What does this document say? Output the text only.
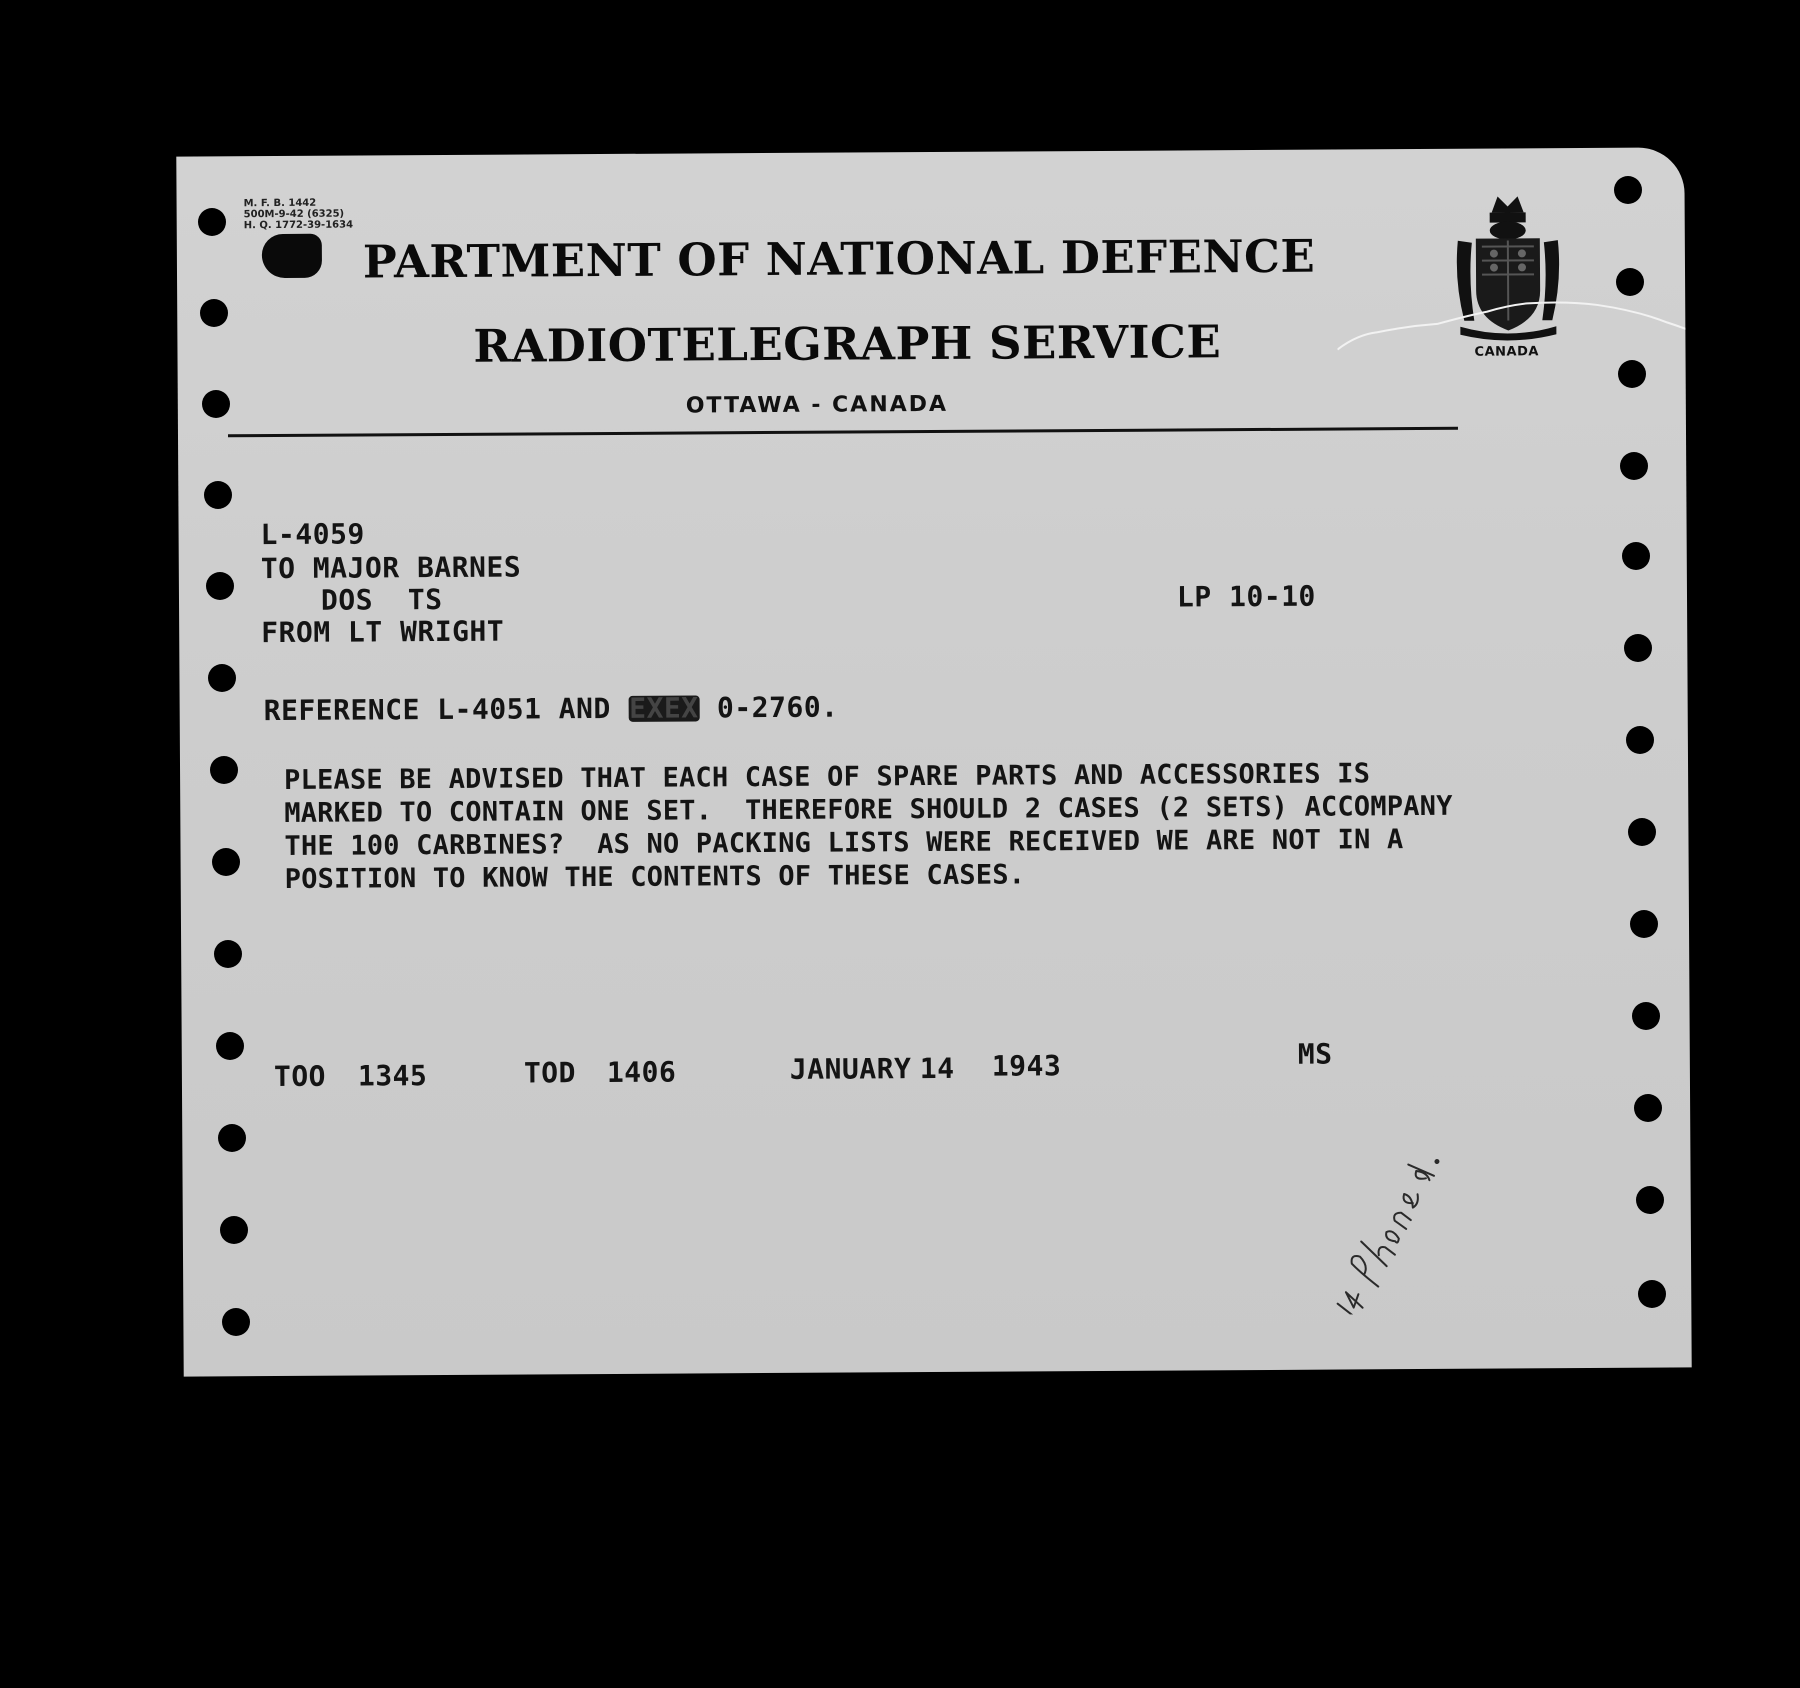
M. F. B. 1442
500M-9-42 (6325)
H. Q. 1772-39-1634
PARTMENT OF NATIONAL DEFENCE
RADIOTELEGRAPH SERVICE
OTTAWA - CANADA
CANADA
L-4059
TO MAJOR BARNES
DOS  TS
FROM LT WRIGHT
LP 10-10
REFERENCE L-4051 AND EXEX 0-2760.
PLEASE BE ADVISED THAT EACH CASE OF SPARE PARTS AND ACCESSORIES IS
MARKED TO CONTAIN ONE SET.  THEREFORE SHOULD 2 CASES (2 SETS) ACCOMPANY
THE 100 CARBINES?  AS NO PACKING LISTS WERE RECEIVED WE ARE NOT IN A
POSITION TO KNOW THE CONTENTS OF THESE CASES.
TOO 1345	TOD 1406	JANUARY 14 1943	MS
